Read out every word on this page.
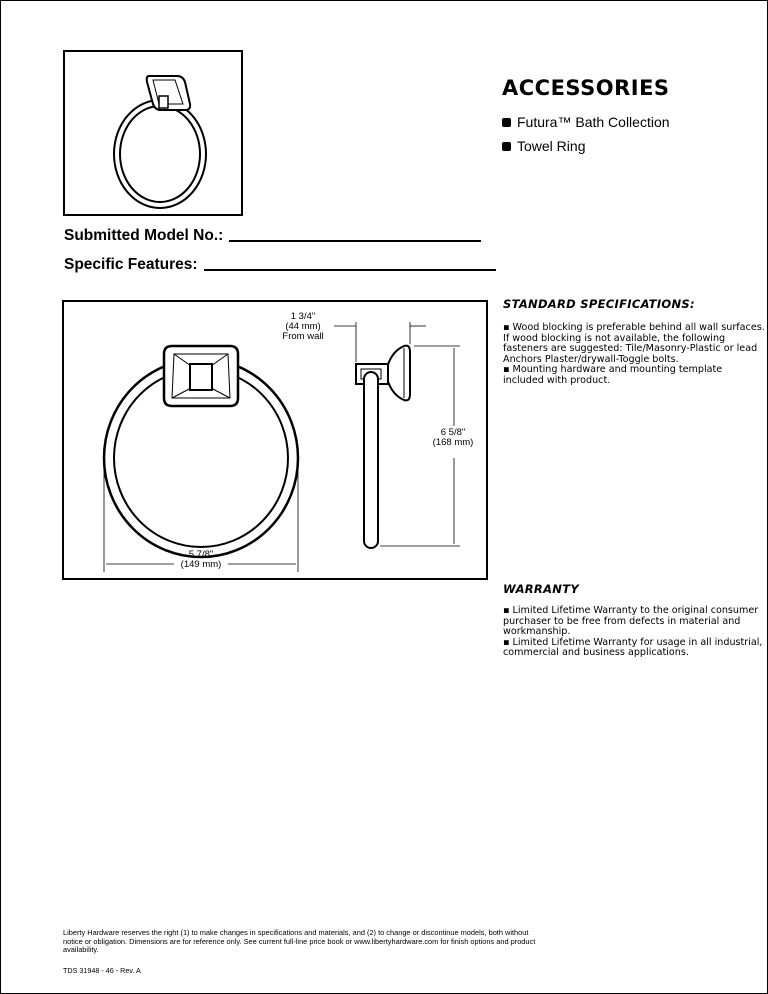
ACCESSORIES
Futura™ Bath Collection
Towel Ring
Submitted Model No.:
Specific Features:
1 3/4"
(44 mm)
From wall
6 5/8"
(168 mm)
5 7/8"
(149 mm)
STANDARD SPECIFICATIONS:
▪ Wood blocking is preferable behind all wall surfaces. If wood blocking is not available, the following fasteners are suggested: Tile/Masonry-Plastic or lead Anchors Plaster/drywall-Toggle bolts.
▪ Mounting hardware and mounting template included with product.
WARRANTY
▪ Limited Lifetime Warranty to the original consumer purchaser to be free from defects in material and workmanship.
▪ Limited Lifetime Warranty for usage in all industrial, commercial and business applications.
Liberty Hardware reserves the right (1) to make changes in specifications and materials, and (2) to change or discontinue models, both without notice or obligation. Dimensions are for reference only. See current full-line price book or www.libertyhardware.com for finish options and product availability.
TDS 31948 - 46 - Rev. A
